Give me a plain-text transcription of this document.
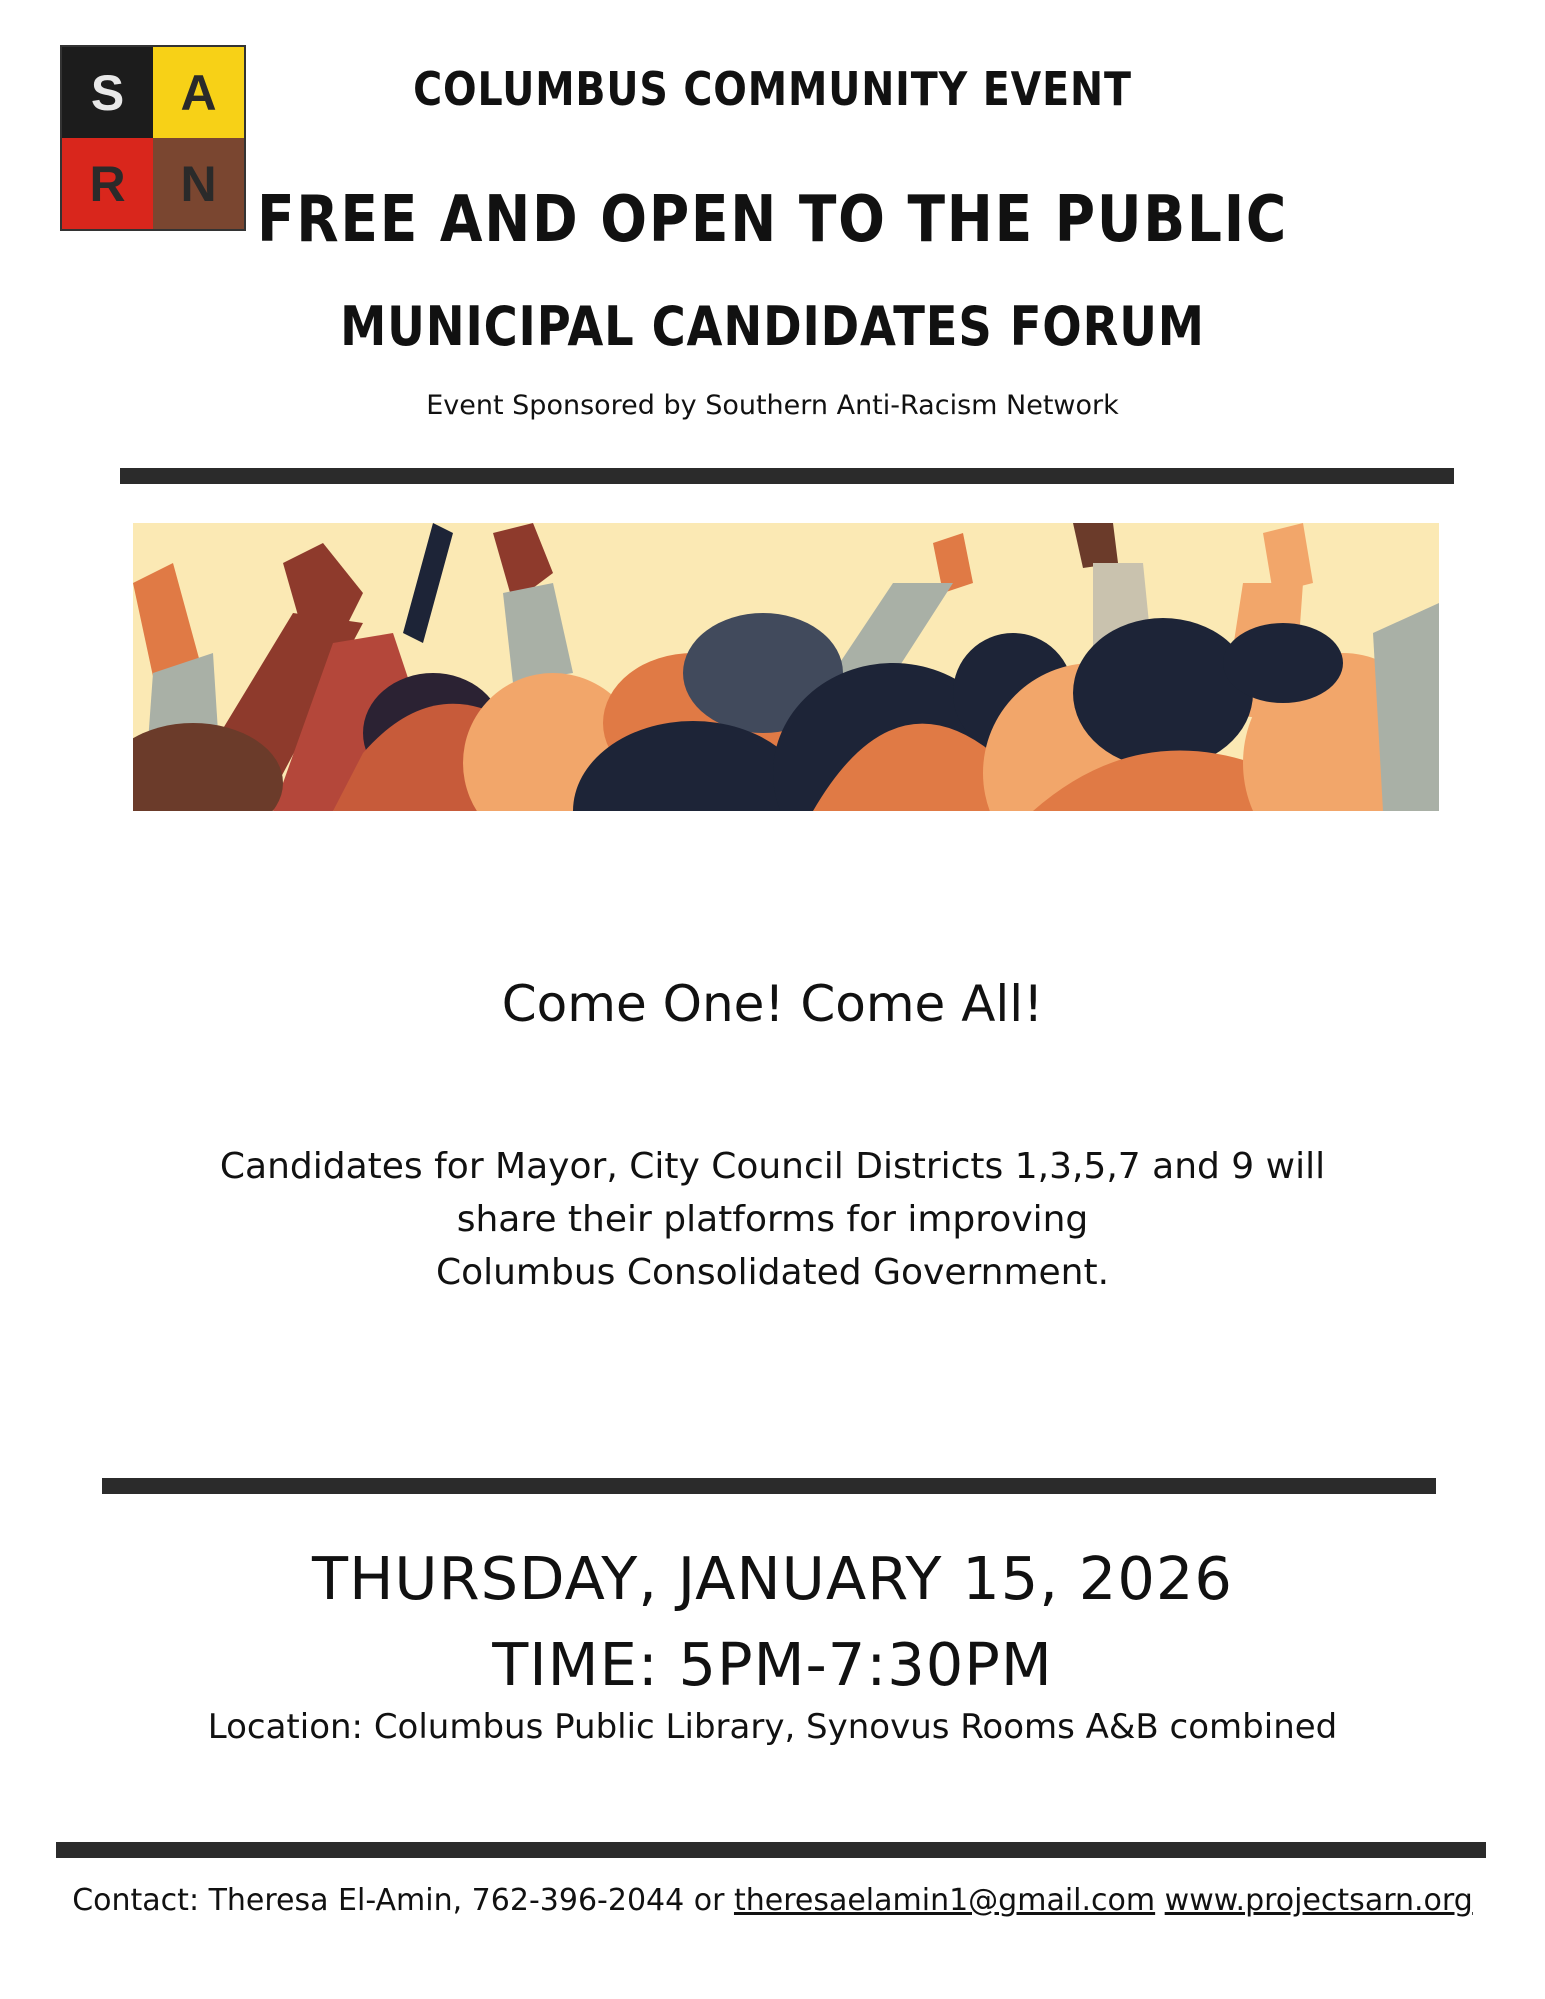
S	A
R	N
COLUMBUS COMMUNITY EVENT
FREE AND OPEN TO THE PUBLIC
MUNICIPAL CANDIDATES FORUM
Event Sponsored by Southern Anti-Racism Network
Come One! Come All!
Candidates for Mayor, City Council Districts 1,3,5,7 and 9 will
share their platforms for improving
Columbus Consolidated Government.
THURSDAY, JANUARY 15, 2026
TIME: 5PM-7:30PM
Location: Columbus Public Library, Synovus Rooms A&B combined
Contact: Theresa El-Amin, 762-396-2044 or theresaelamin1@gmail.com www.projectsarn.org
